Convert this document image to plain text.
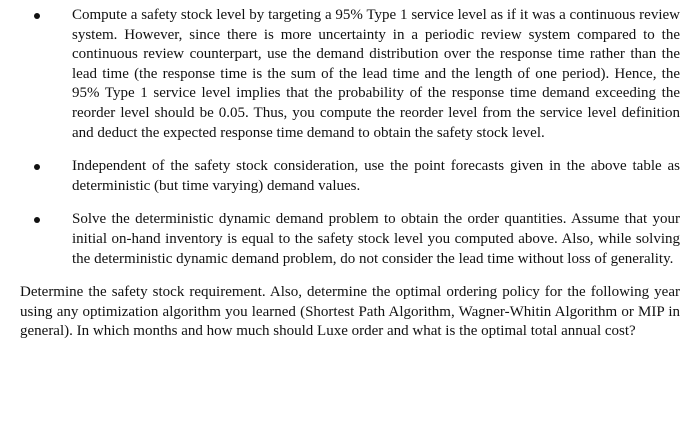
Compute a safety stock level by targeting a 95% Type 1 service level as if it was a continuous review system. However, since there is more uncertainty in a periodic review system compared to the continuous review counterpart, use the demand distribution over the response time rather than the lead time (the response time is the sum of the lead time and the length of one period). Hence, the 95% Type 1 service level implies that the probability of the response time demand exceeding the reorder level should be 0.05. Thus, you compute the reorder level from the service level definition and deduct the expected response time demand to obtain the safety stock level.
Independent of the safety stock consideration, use the point forecasts given in the above table as deterministic (but time varying) demand values.
Solve the deterministic dynamic demand problem to obtain the order quantities. Assume that your initial on-hand inventory is equal to the safety stock level you computed above. Also, while solving the deterministic dynamic demand problem, do not consider the lead time without loss of generality.

Determine the safety stock requirement. Also, determine the optimal ordering policy for the following year using any optimization algorithm you learned (Shortest Path Algorithm, Wagner-Whitin Algorithm or MIP in general). In which months and how much should Luxe order and what is the optimal total annual cost?
